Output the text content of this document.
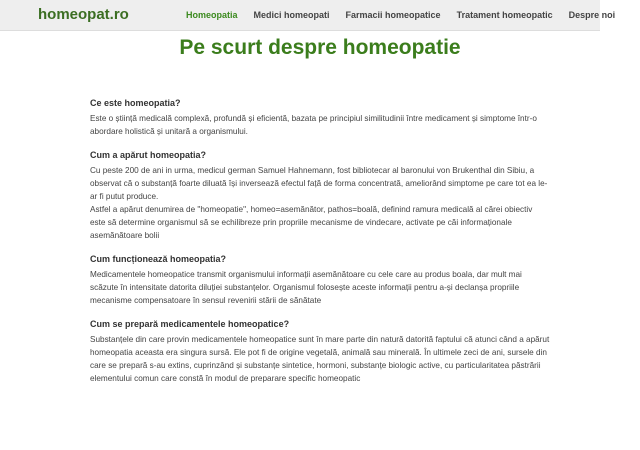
homeopat.ro	Homeopatia	Medici homeopati	Farmacii homeopatice	Tratament homeopatic	Despre noi
Pe scurt despre homeopatie
Ce este homeopatia?

Este o știință medicală complexă, profundă și eficientă, bazata pe principiul similitudinii între medicament și simptome într-o abordare holistică și unitară a organismului.

Cum a apărut homeopatia?

Cu peste 200 de ani in urma, medicul german Samuel Hahnemann, fost bibliotecar al baronului von Brukenthal din Sibiu, a observat că o substanță foarte diluată își inversează efectul față de forma concentrată, ameliorând simptome pe care tot ea le-ar fi putut produce.

Astfel a apărut denumirea de "homeopatie", homeo=asemănător, pathos=boală, definind ramura medicală al cărei obiectiv este să determine organismul să se echilibreze prin propriile mecanisme de vindecare, activate pe căi informaționale asemănătoare bolii

Cum funcționează homeopatia?

Medicamentele homeopatice transmit organismului informații asemănătoare cu cele care au produs boala, dar mult mai scăzute în intensitate datorita diluției substanțelor. Organismul folosește aceste informații pentru a-și declanșa propriile mecanisme compensatoare în sensul revenirii stării de sănătate

Cum se prepară medicamentele homeopatice?

Substanțele din care provin medicamentele homeopatice sunt în mare parte din natură datorită faptului că atunci când a apărut homeopatia aceasta era singura sursă. Ele pot fi de origine vegetală, animală sau minerală. În ultimele zeci de ani, sursele din care se prepară s-au extins, cuprinzând și substanțe sintetice, hormoni, substanțe biologic active, cu particularitatea păstrării elementului comun care constă în modul de preparare specific homeopatic
